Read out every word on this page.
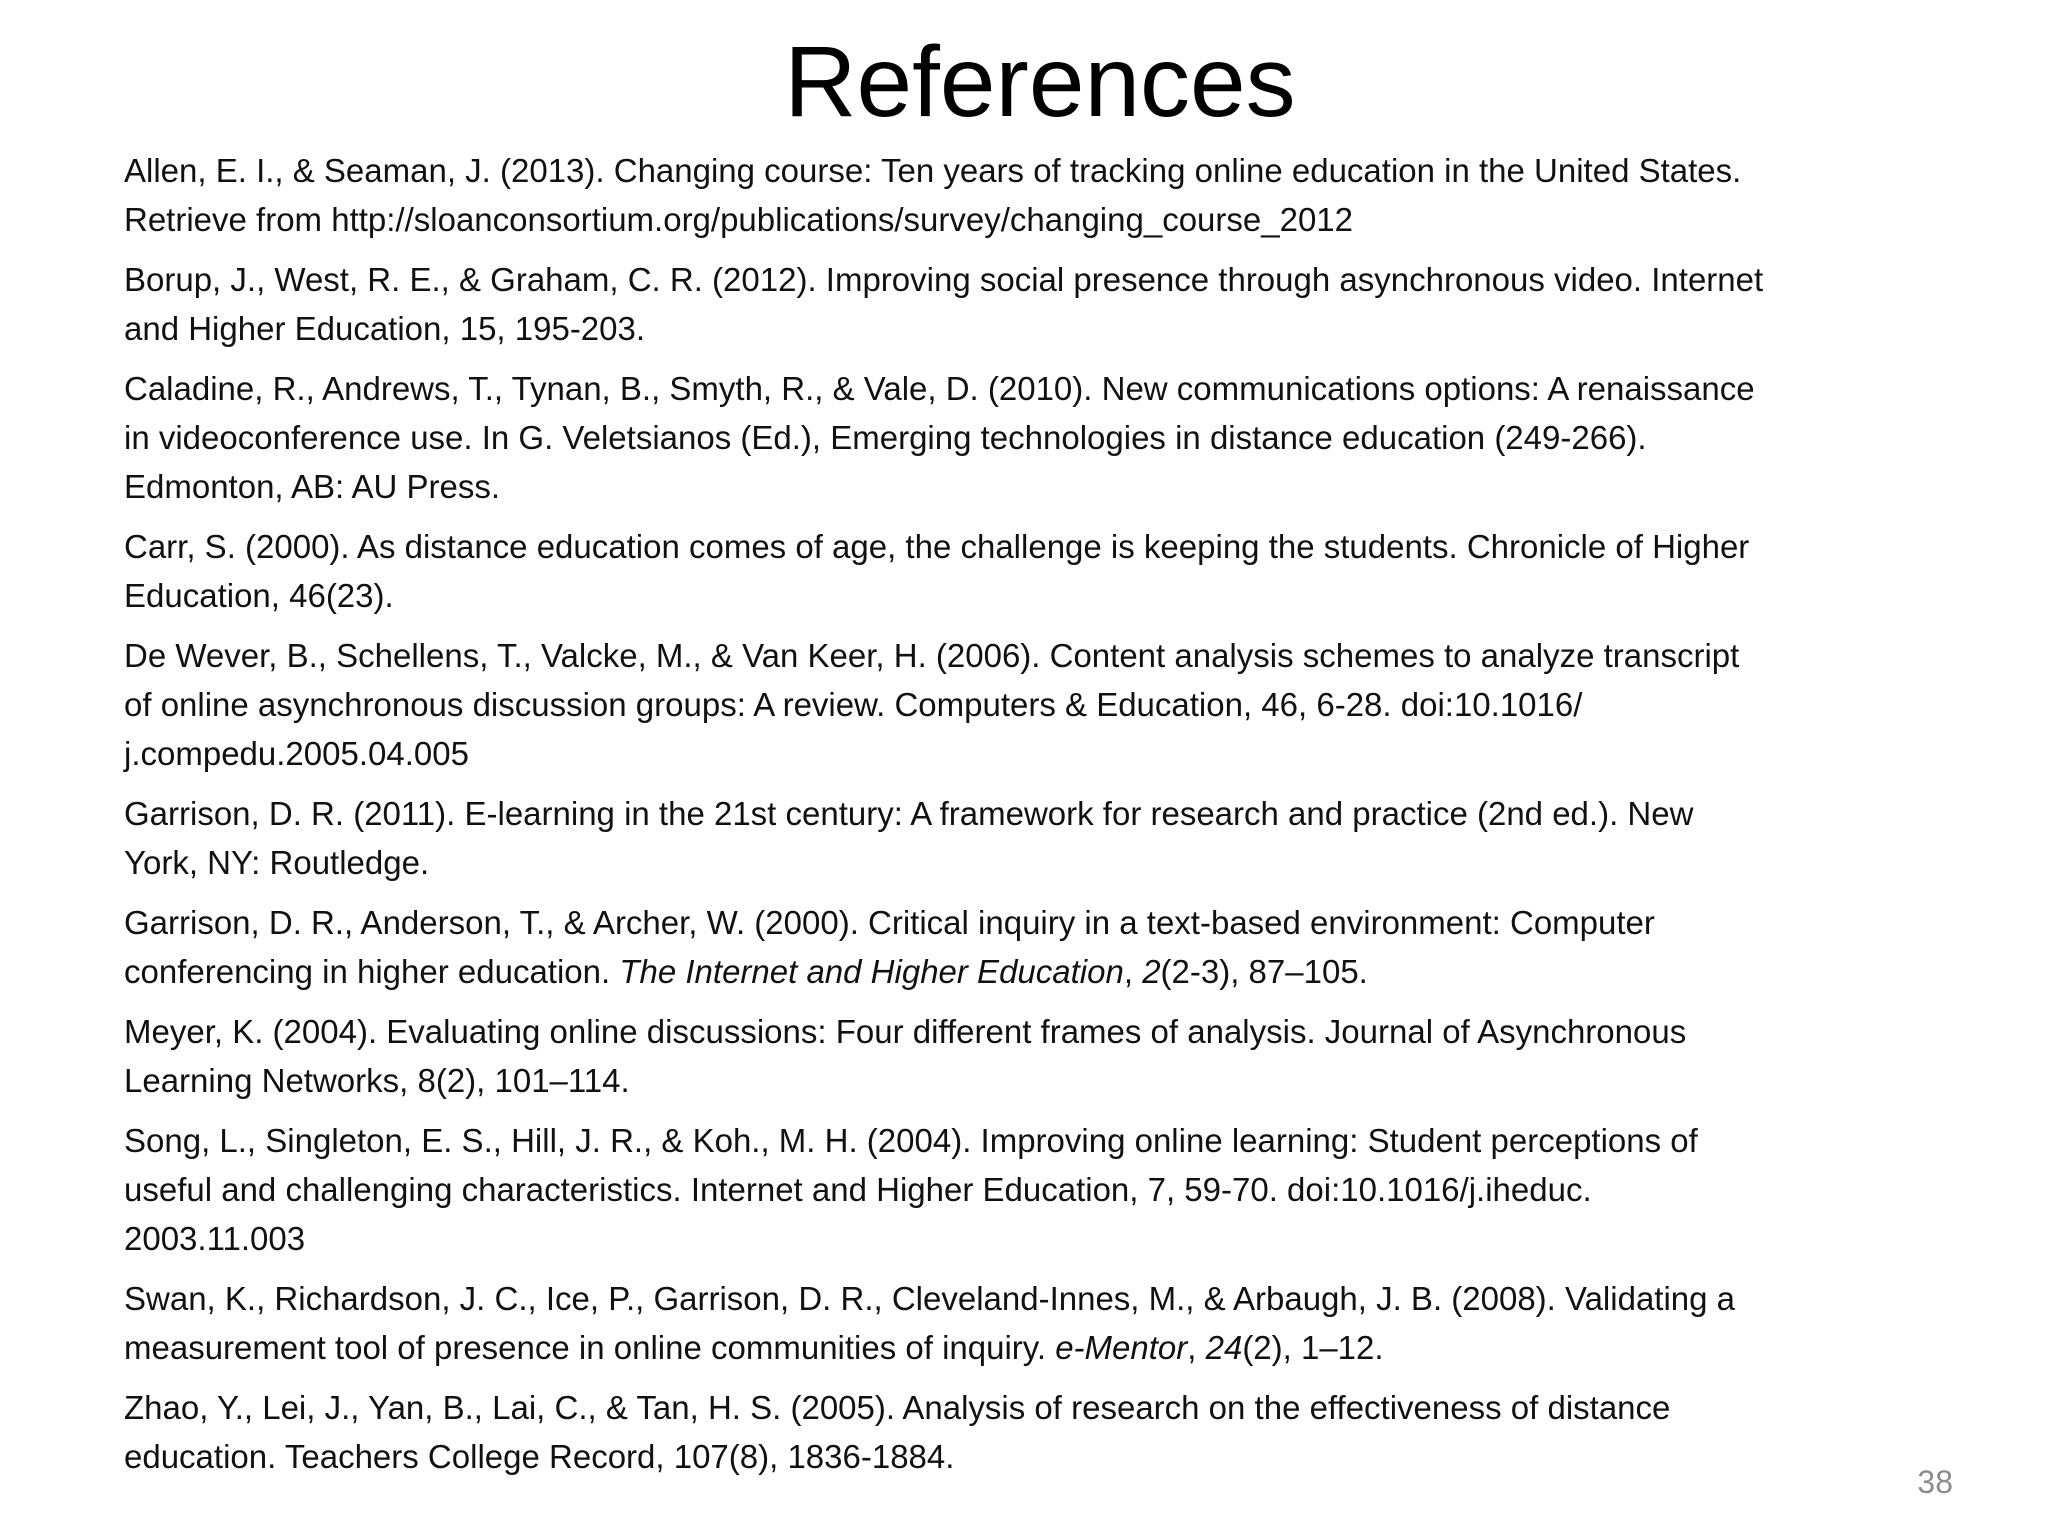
References
Allen, E. I., & Seaman, J. (2013). Changing course: Ten years of tracking online education in the United States.
Retrieve from http://sloanconsortium.org/publications/survey/changing_course_2012
Borup, J., West, R. E., & Graham, C. R. (2012). Improving social presence through asynchronous video. Internet
and Higher Education, 15, 195-203.
Caladine, R., Andrews, T., Tynan, B., Smyth, R., & Vale, D. (2010). New communications options: A renaissance
in videoconference use. In G. Veletsianos (Ed.), Emerging technologies in distance education (249-266).
Edmonton, AB: AU Press.
Carr, S. (2000). As distance education comes of age, the challenge is keeping the students. Chronicle of Higher
Education, 46(23).
De Wever, B., Schellens, T., Valcke, M., & Van Keer, H. (2006). Content analysis schemes to analyze transcript
of online asynchronous discussion groups: A review. Computers & Education, 46, 6-28. doi:10.1016/
j.compedu.2005.04.005
Garrison, D. R. (2011). E-learning in the 21st century: A framework for research and practice (2nd ed.). New
York, NY: Routledge.
Garrison, D. R., Anderson, T., & Archer, W. (2000). Critical inquiry in a text-based environment: Computer
conferencing in higher education. The Internet and Higher Education, 2(2-3), 87–105.
Meyer, K. (2004). Evaluating online discussions: Four different frames of analysis. Journal of Asynchronous
Learning Networks, 8(2), 101–114.
Song, L., Singleton, E. S., Hill, J. R., & Koh., M. H. (2004). Improving online learning: Student perceptions of
useful and challenging characteristics. Internet and Higher Education, 7, 59-70. doi:10.1016/j.iheduc.
2003.11.003
Swan, K., Richardson, J. C., Ice, P., Garrison, D. R., Cleveland-Innes, M., & Arbaugh, J. B. (2008). Validating a
measurement tool of presence in online communities of inquiry. e-Mentor, 24(2), 1–12.
Zhao, Y., Lei, J., Yan, B., Lai, C., & Tan, H. S. (2005). Analysis of research on the effectiveness of distance
education. Teachers College Record, 107(8), 1836-1884.
38
